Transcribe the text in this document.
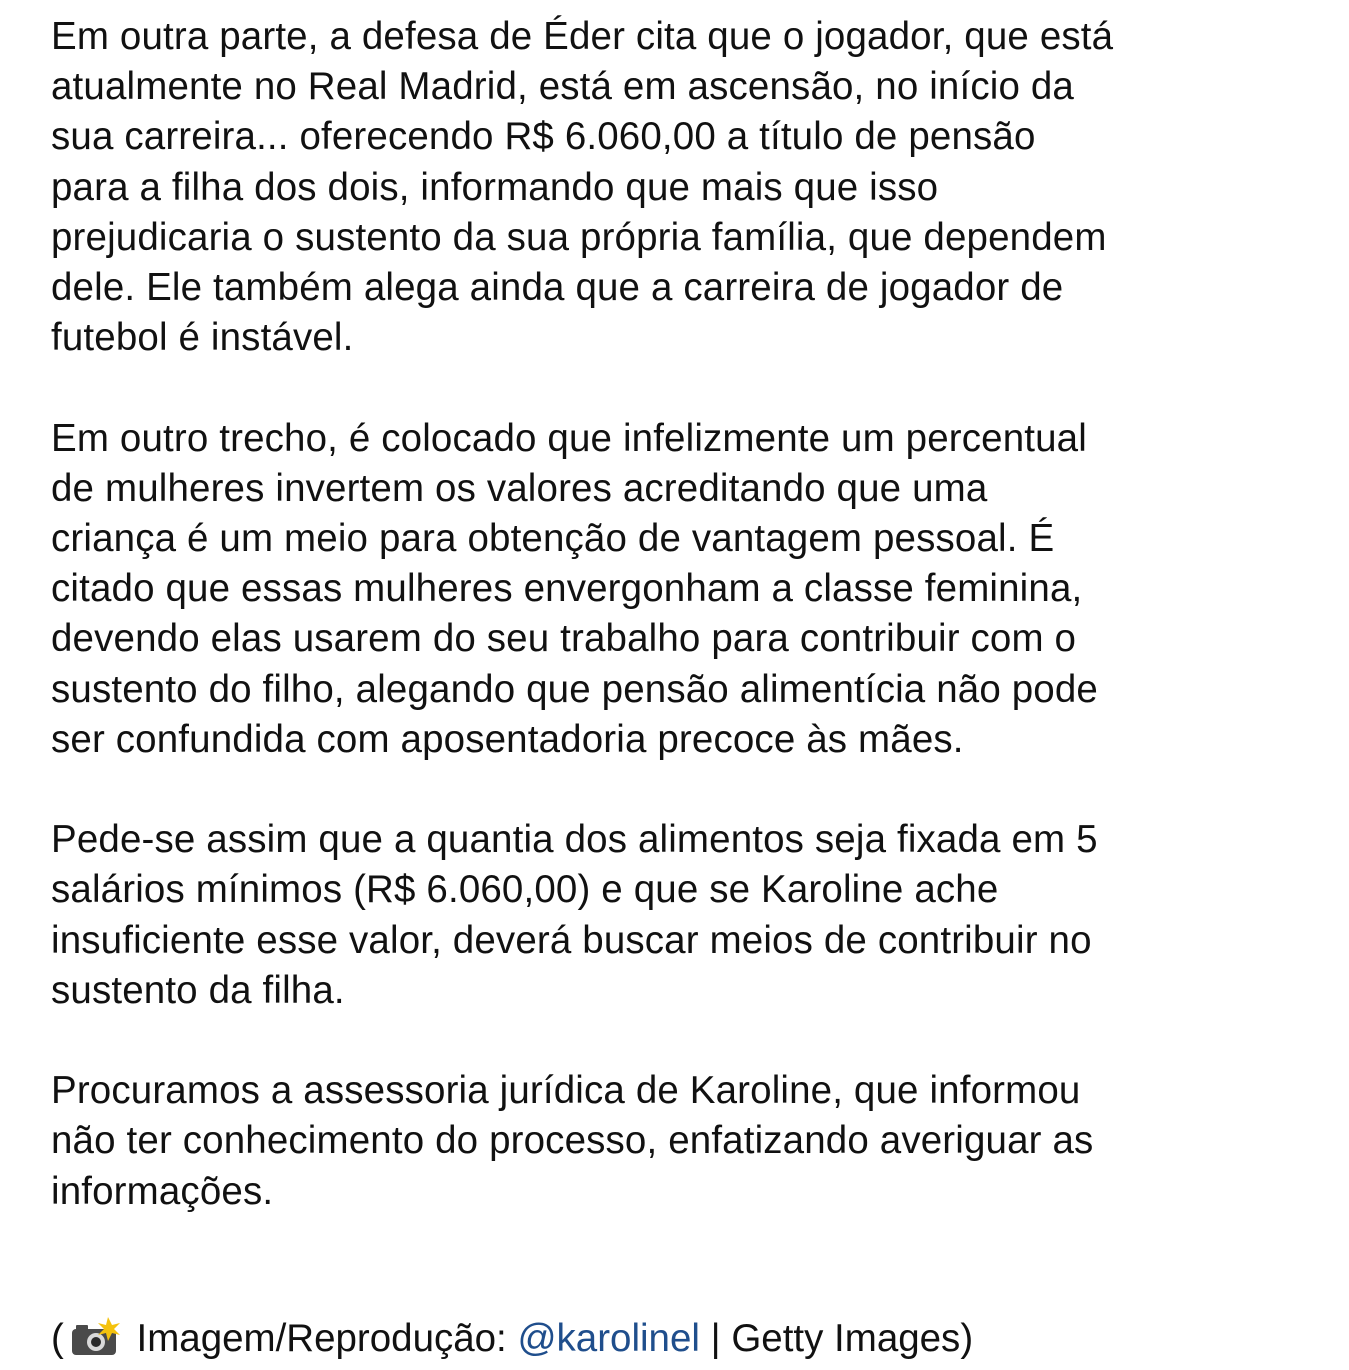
Em outra parte, a defesa de Éder cita que o jogador, que está
atualmente no Real Madrid, está em ascensão, no início da
sua carreira... oferecendo R$ 6.060,00 a título de pensão
para a filha dos dois, informando que mais que isso
prejudicaria o sustento da sua própria família, que dependem
dele. Ele também alega ainda que a carreira de jogador de
futebol é instável.

Em outro trecho, é colocado que infelizmente um percentual
de mulheres invertem os valores acreditando que uma
criança é um meio para obtenção de vantagem pessoal. É
citado que essas mulheres envergonham a classe feminina,
devendo elas usarem do seu trabalho para contribuir com o
sustento do filho, alegando que pensão alimentícia não pode
ser confundida com aposentadoria precoce às mães.

Pede-se assim que a quantia dos alimentos seja fixada em 5
salários mínimos (R$ 6.060,00) e que se Karoline ache
insuficiente esse valor, deverá buscar meios de contribuir no
sustento da filha.

Procuramos a assessoria jurídica de Karoline, que informou
não ter conhecimento do processo, enfatizando averiguar as
informações.

( Imagem/Reprodução: @karolinel | Getty Images)
